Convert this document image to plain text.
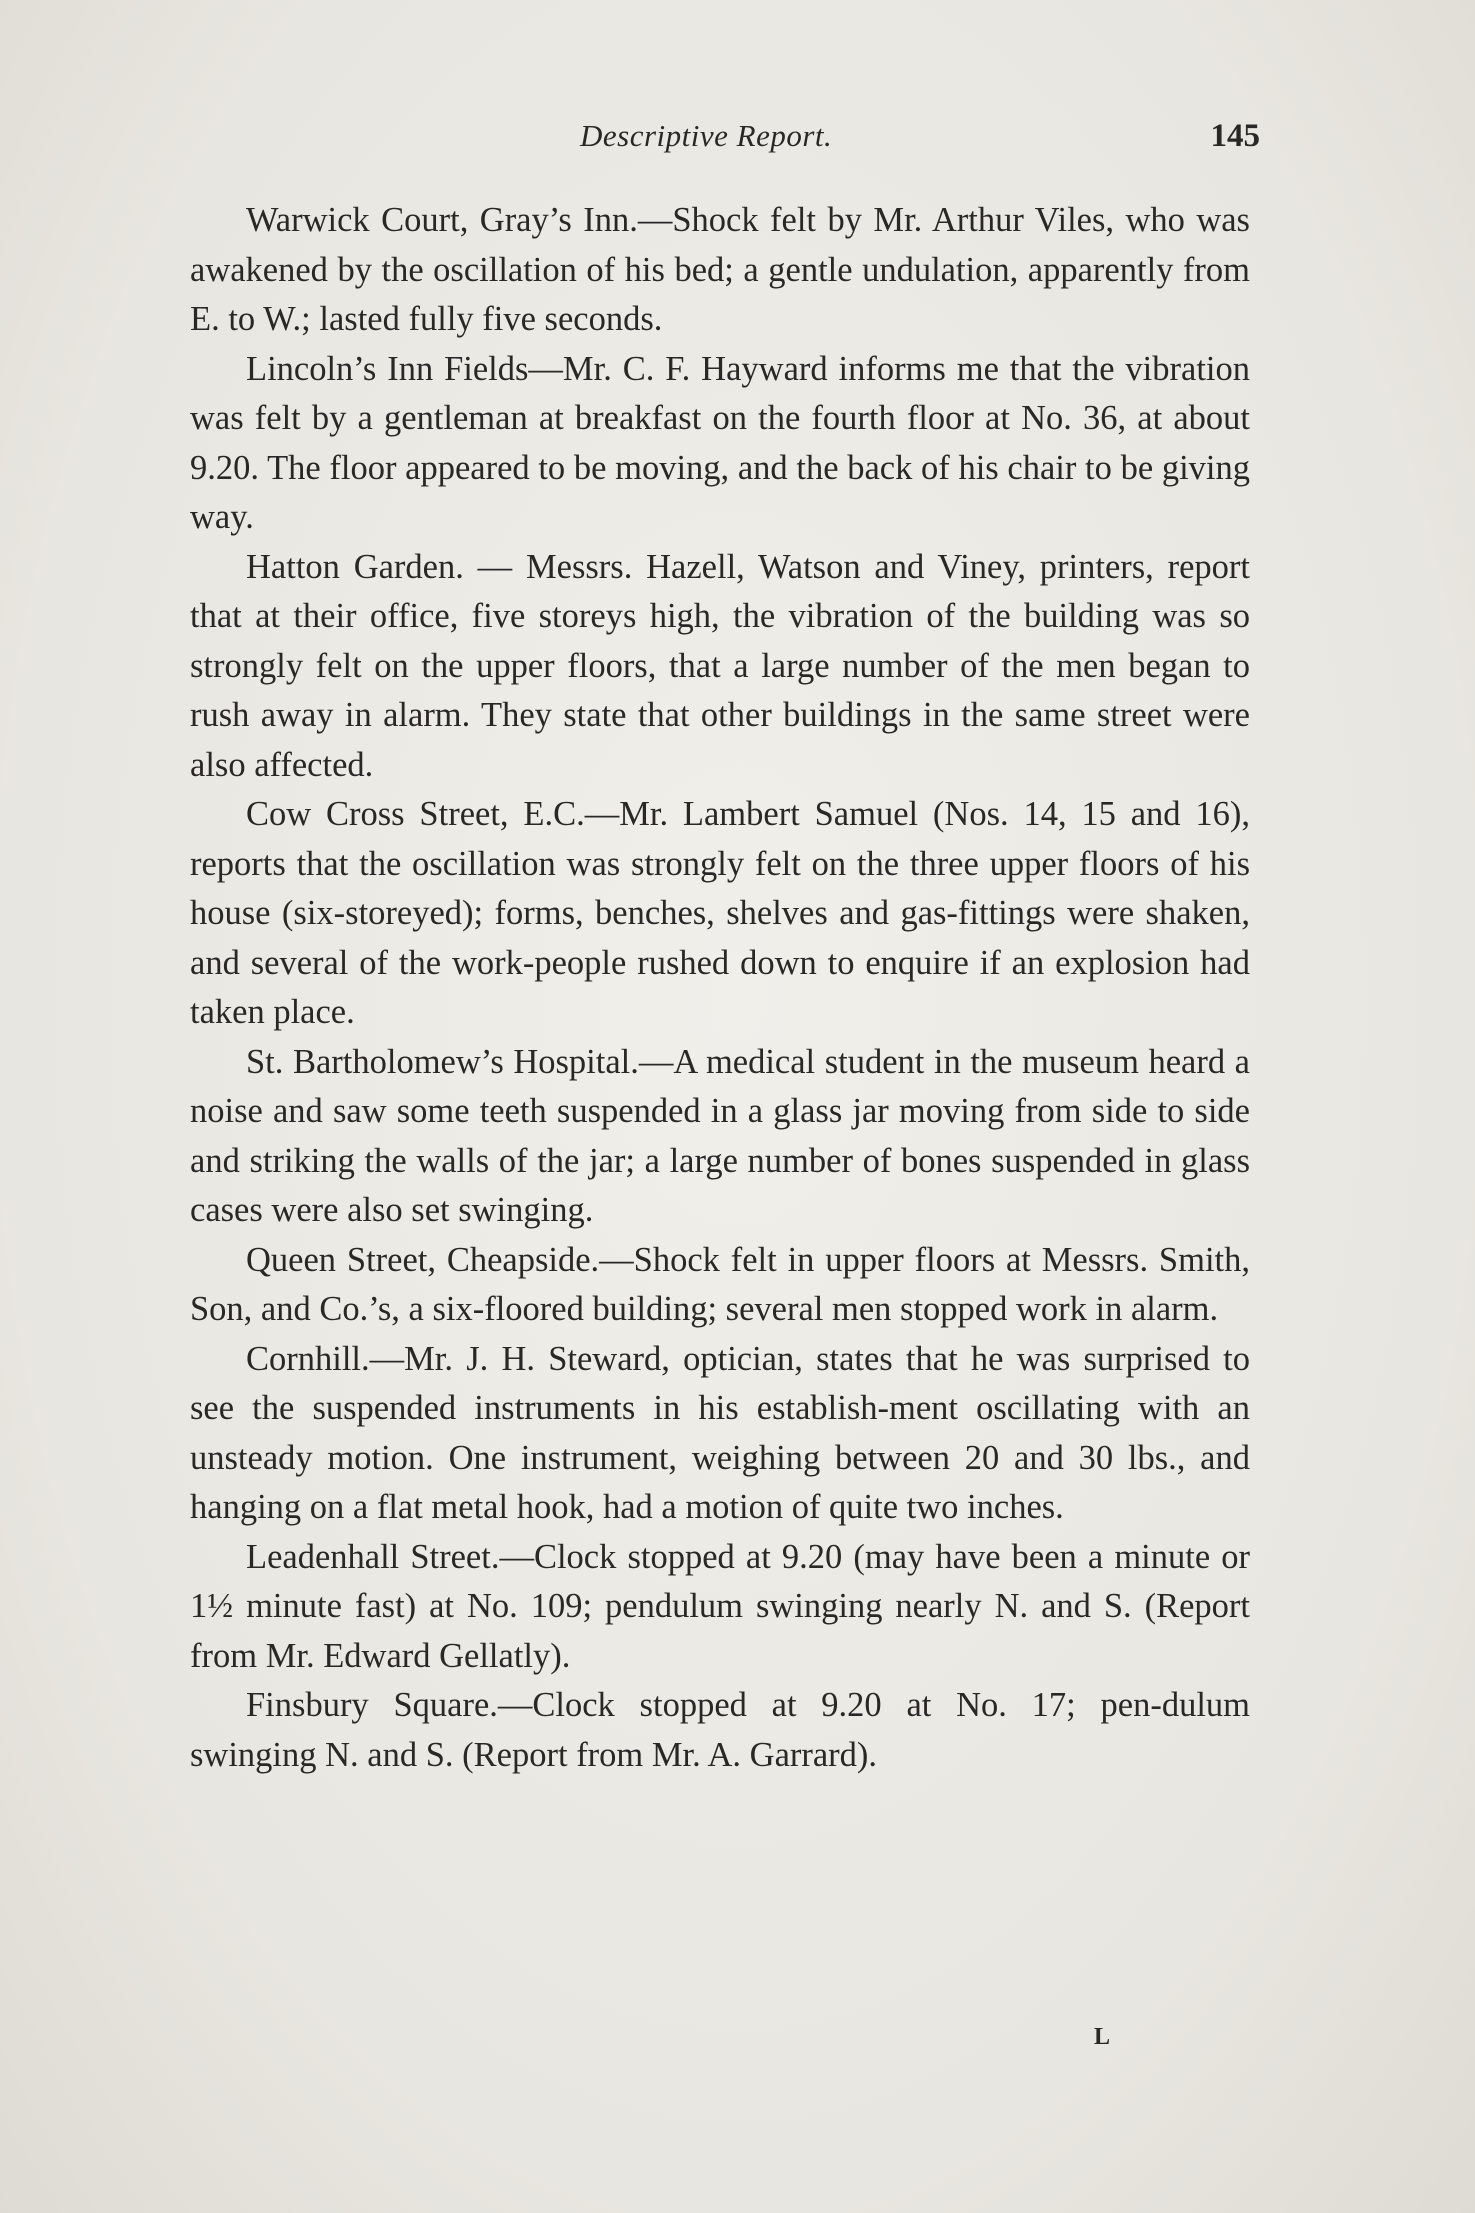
Descriptive Report.	145

Warwick Court, Gray’s Inn.—Shock felt by Mr. Arthur Viles, who was awakened by the oscillation of his bed; a gentle undulation, apparently from E. to W.; lasted fully five seconds.

Lincoln’s Inn Fields—Mr. C. F. Hayward informs me that the vibration was felt by a gentleman at breakfast on the fourth floor at No. 36, at about 9.20. The floor appeared to be moving, and the back of his chair to be giving way.

Hatton Garden. — Messrs. Hazell, Watson and Viney, printers, report that at their office, five storeys high, the vibration of the building was so strongly felt on the upper floors, that a large number of the men began to rush away in alarm. They state that other buildings in the same street were also affected.

Cow Cross Street, E.C.—Mr. Lambert Samuel (Nos. 14, 15 and 16), reports that the oscillation was strongly felt on the three upper floors of his house (six-storeyed); forms, benches, shelves and gas-fittings were shaken, and several of the work-people rushed down to enquire if an explosion had taken place.

St. Bartholomew’s Hospital.—A medical student in the museum heard a noise and saw some teeth suspended in a glass jar moving from side to side and striking the walls of the jar; a large number of bones suspended in glass cases were also set swinging.

Queen Street, Cheapside.—Shock felt in upper floors at Messrs. Smith, Son, and Co.’s, a six-floored building; several men stopped work in alarm.

Cornhill.—Mr. J. H. Steward, optician, states that he was surprised to see the suspended instruments in his establish-ment oscillating with an unsteady motion. One instrument, weighing between 20 and 30 lbs., and hanging on a flat metal hook, had a motion of quite two inches.

Leadenhall Street.—Clock stopped at 9.20 (may have been a minute or 1½ minute fast) at No. 109; pendulum swinging nearly N. and S. (Report from Mr. Edward Gellatly).

Finsbury Square.—Clock stopped at 9.20 at No. 17; pen-dulum swinging N. and S. (Report from Mr. A. Garrard).

L
